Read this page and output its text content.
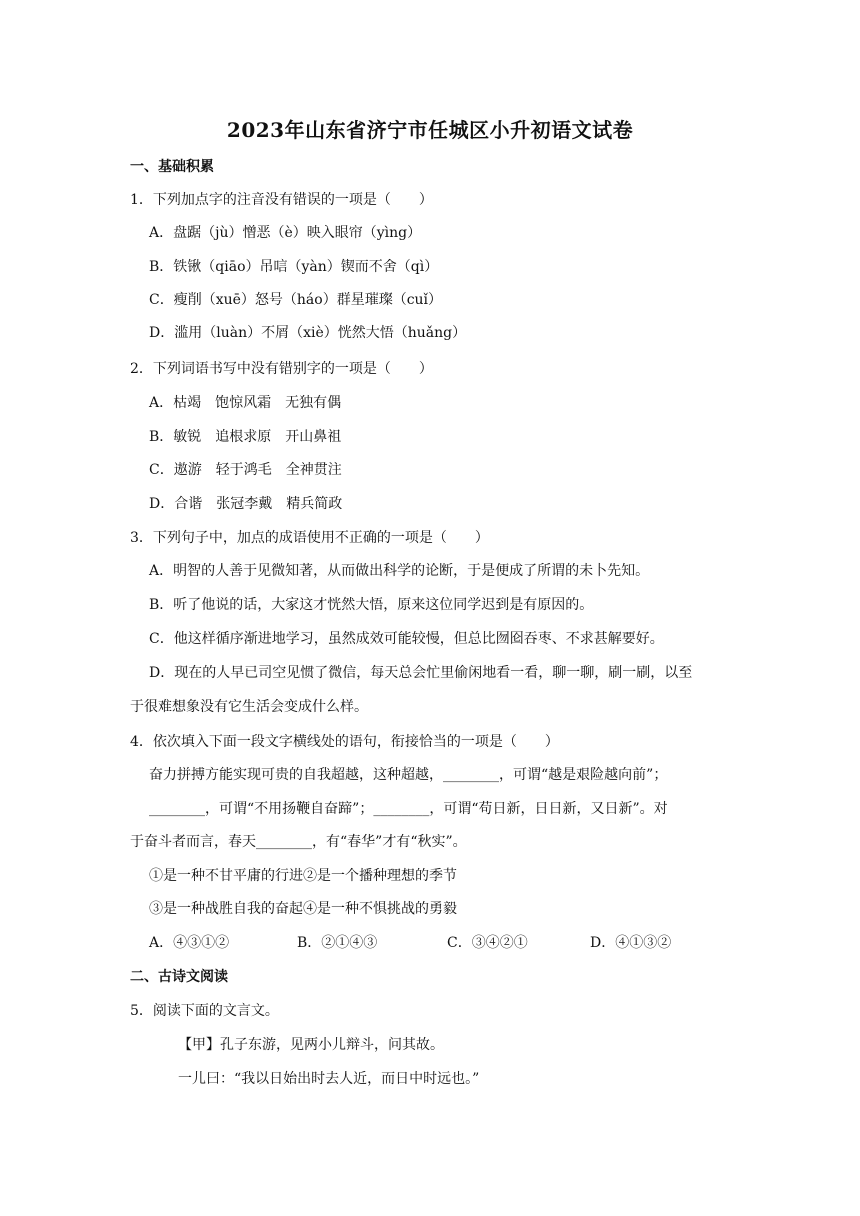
2023年山东省济宁市任城区小升初语文试卷
一、基础积累
1．下列加点字的注音没有错误的一项是（　　）
A．盘踞（jù）憎恶（è）映入眼帘（yìng）
B．铁锹（qiāo）吊唁（yàn）锲而不舍（qì）
C．瘦削（xuē）怒号（háo）群星璀璨（cuǐ）
D．滥用（luàn）不屑（xiè）恍然大悟（huǎng）
2．下列词语书写中没有错别字的一项是（　　）
A．枯竭　饱惊风霜　无独有偶
B．敏锐　追根求原　开山鼻祖
C．遨游　轻于鸿毛　全神贯注
D．合谐　张冠李戴　精兵简政
3．下列句子中，加点的成语使用不正确的一项是（　　）
A．明智的人善于见微知著，从而做出科学的论断，于是便成了所谓的未卜先知。
B．听了他说的话，大家这才恍然大悟，原来这位同学迟到是有原因的。
C．他这样循序渐进地学习，虽然成效可能较慢，但总比囫囵吞枣、不求甚解要好。
D．现在的人早已司空见惯了微信，每天总会忙里偷闲地看一看，聊一聊，刷一刷，以至
于很难想象没有它生活会变成什么样。
4．依次填入下面一段文字横线处的语句，衔接恰当的一项是（　　）
奋力拼搏方能实现可贵的自我超越，这种超越，________，可谓“越是艰险越向前”；
________，可谓“不用扬鞭自奋蹄”；________，可谓“苟日新，日日新，又日新”。对
于奋斗者而言，春天________，有“春华”才有“秋实”。
①是一种不甘平庸的行进②是一个播种理想的季节
③是一种战胜自我的奋起④是一种不惧挑战的勇毅
A．④③①②	B．②①④③	C．③④②①	D．④①③②
二、古诗文阅读
5．阅读下面的文言文。
【甲】孔子东游，见两小儿辩斗，问其故。
一儿曰：“我以日始出时去人近，而日中时远也。”
